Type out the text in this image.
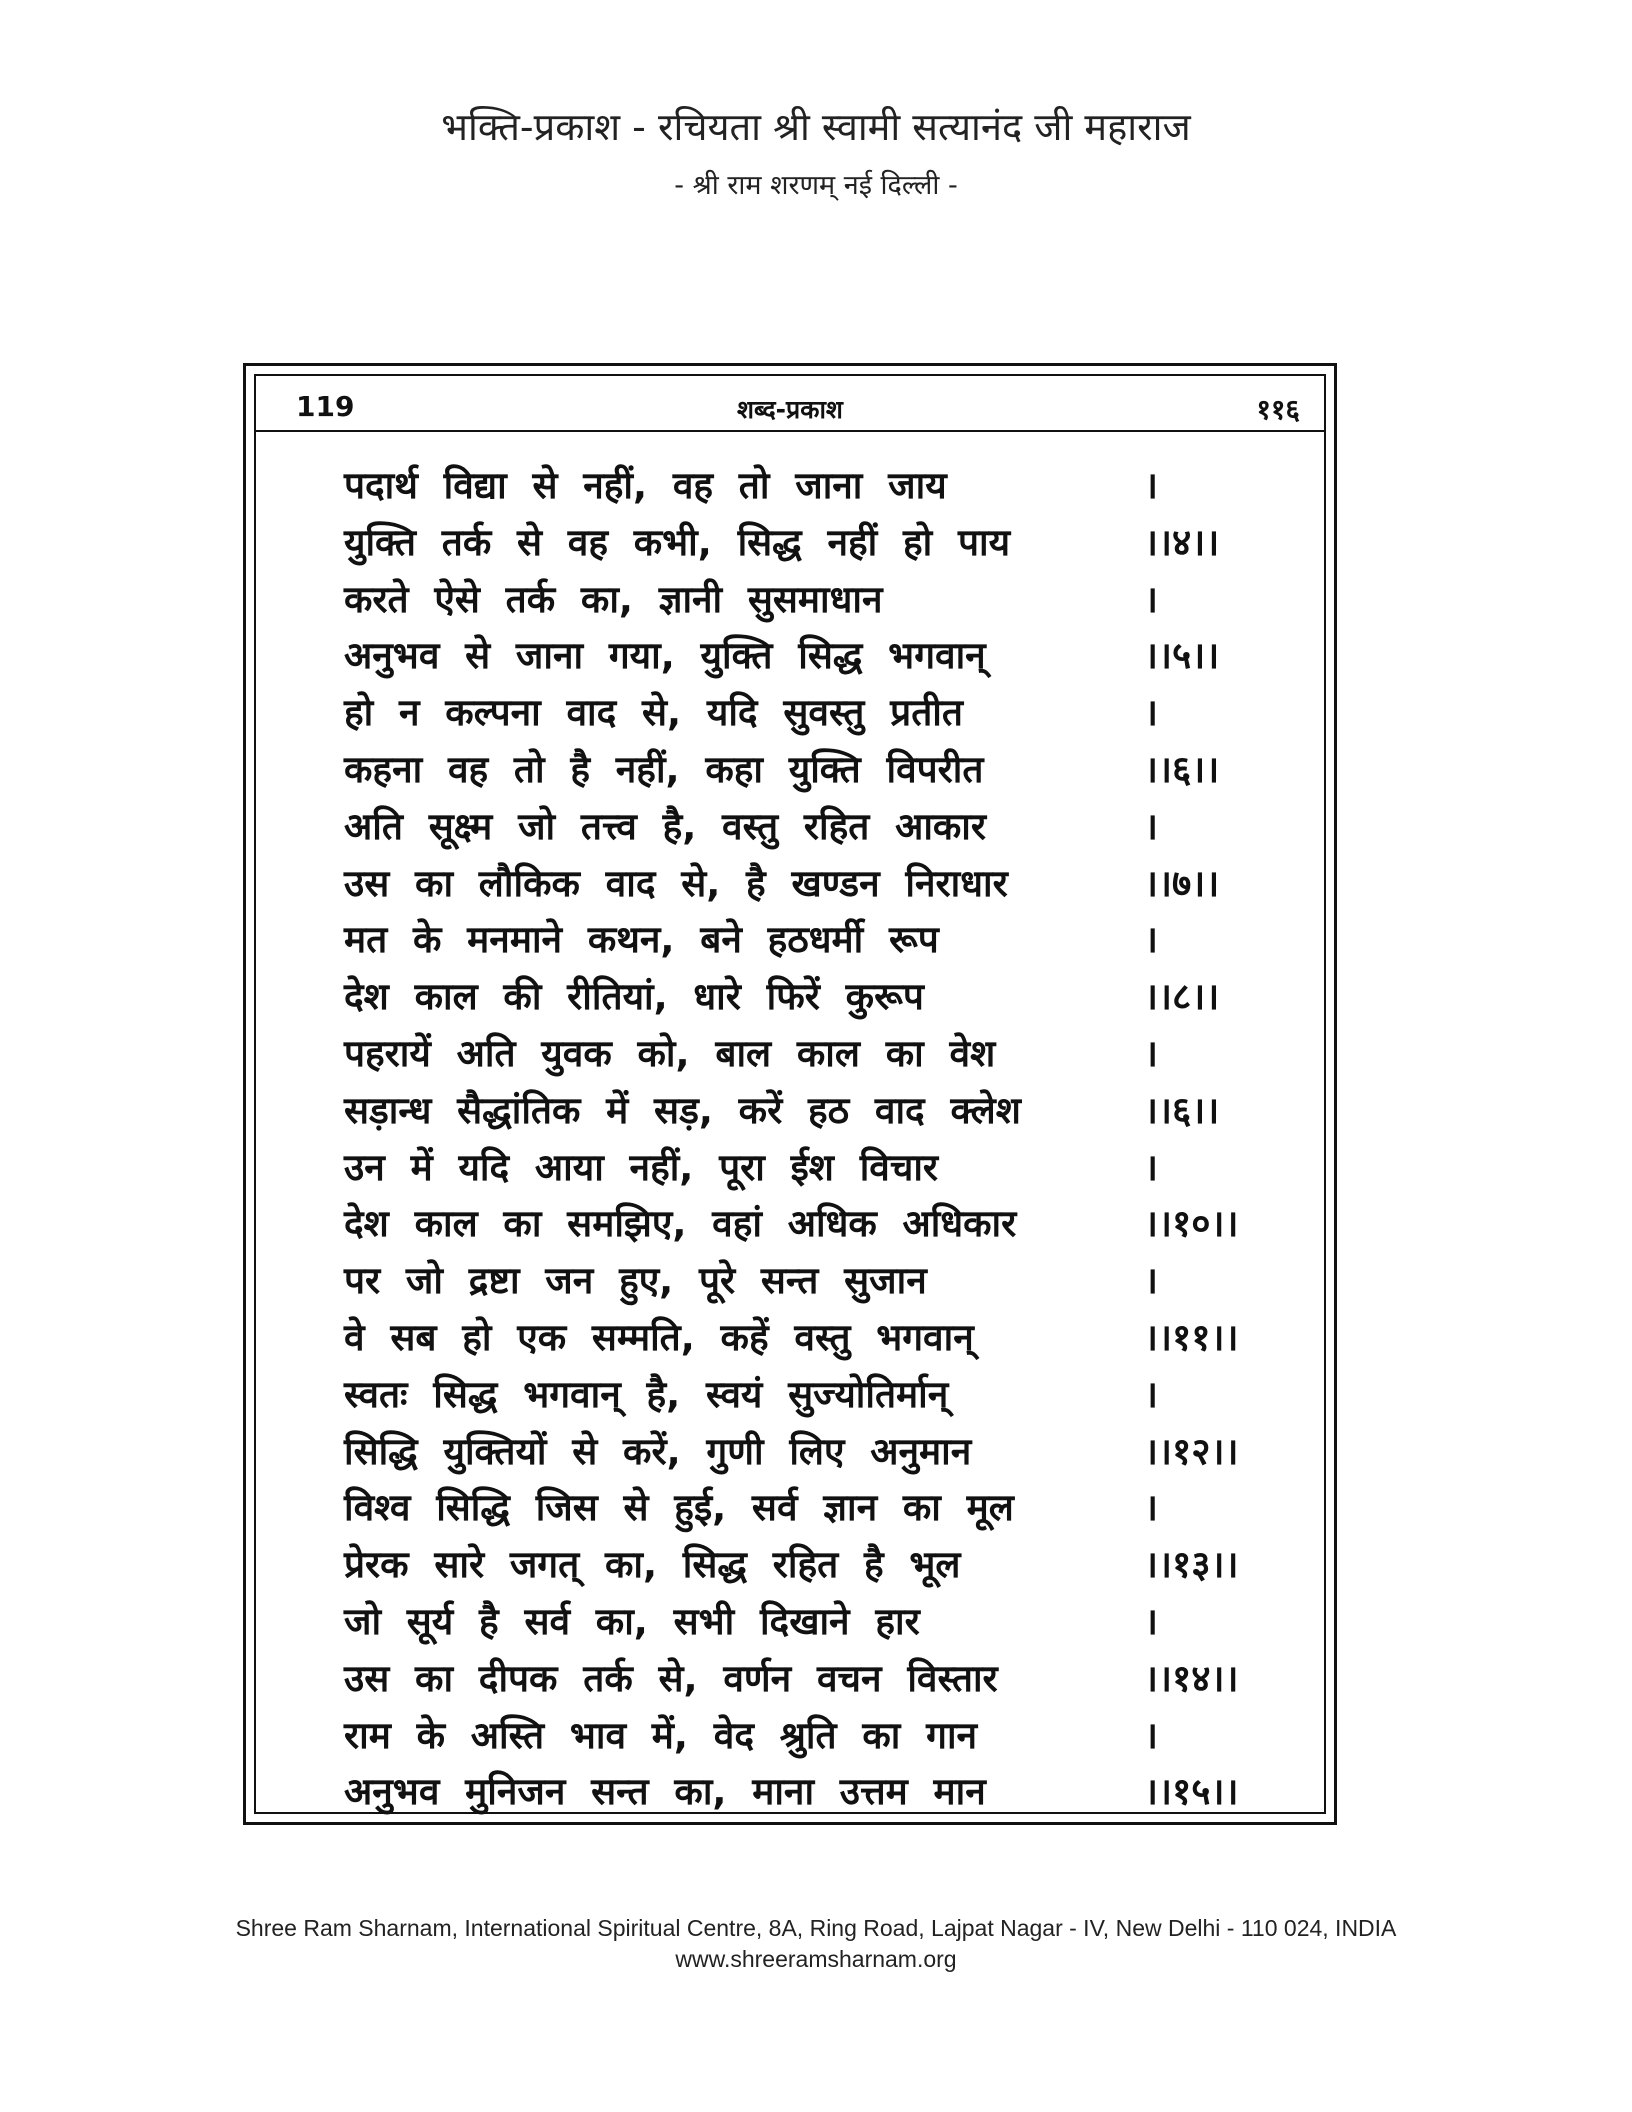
भक्ति-प्रकाश - रचियता श्री स्वामी सत्यानंद जी महाराज
- श्री राम शरणम् नई दिल्ली -
119	शब्द-प्रकाश	११६
पदार्थ  विद्या  से  नहीं,  वह  तो  जाना  जाय	।
युक्ति  तर्क  से  वह  कभी,  सिद्ध  नहीं  हो  पाय	।।४।।
करते  ऐसे  तर्क  का,  ज्ञानी  सुसमाधान	।
अनुभव  से  जाना  गया,  युक्ति  सिद्ध  भगवान्	।।५।।
हो  न  कल्पना  वाद  से,  यदि  सुवस्तु  प्रतीत	।
कहना  वह  तो  है  नहीं,  कहा  युक्ति  विपरीत	।।६।।
अति  सूक्ष्म  जो  तत्त्व  है,  वस्तु  रहित  आकार	।
उस  का  लौकिक  वाद  से,  है  खण्डन  निराधार	।।७।।
मत  के  मनमाने  कथन,  बने  हठधर्मी  रूप	।
देश  काल  की  रीतियां,  धारे  फिरें  कुरूप	।।८।।
पहरायें  अति  युवक  को,  बाल  काल  का  वेश	।
सड़ान्ध  सैद्धांतिक  में  सड़,  करें  हठ  वाद  क्लेश	।।६।।
उन  में  यदि  आया  नहीं,  पूरा  ईश  विचार	।
देश  काल  का  समझिए,  वहां  अधिक  अधिकार	।।१०।।
पर  जो  द्रष्टा  जन  हुए,  पूरे  सन्त  सुजान	।
वे  सब  हो  एक  सम्मति,  कहें  वस्तु  भगवान्	।।११।।
स्वतः  सिद्ध  भगवान्  है,  स्वयं  सुज्योतिर्मान्	।
सिद्धि  युक्तियों  से  करें,  गुणी  लिए  अनुमान	।।१२।।
विश्व  सिद्धि  जिस  से  हुई,  सर्व  ज्ञान  का  मूल	।
प्रेरक  सारे  जगत्  का,  सिद्ध  रहित  है  भूल	।।१३।।
जो  सूर्य  है  सर्व  का,  सभी  दिखाने  हार	।
उस  का  दीपक  तर्क  से,  वर्णन  वचन  विस्तार	।।१४।।
राम  के  अस्ति  भाव  में,  वेद  श्रुति  का  गान	।
अनुभव  मुनिजन  सन्त  का,  माना  उत्तम  मान	।।१५।।
Shree Ram Sharnam, International Spiritual Centre, 8A, Ring Road, Lajpat Nagar - IV, New Delhi - 110 024, INDIA
www.shreeramsharnam.org
